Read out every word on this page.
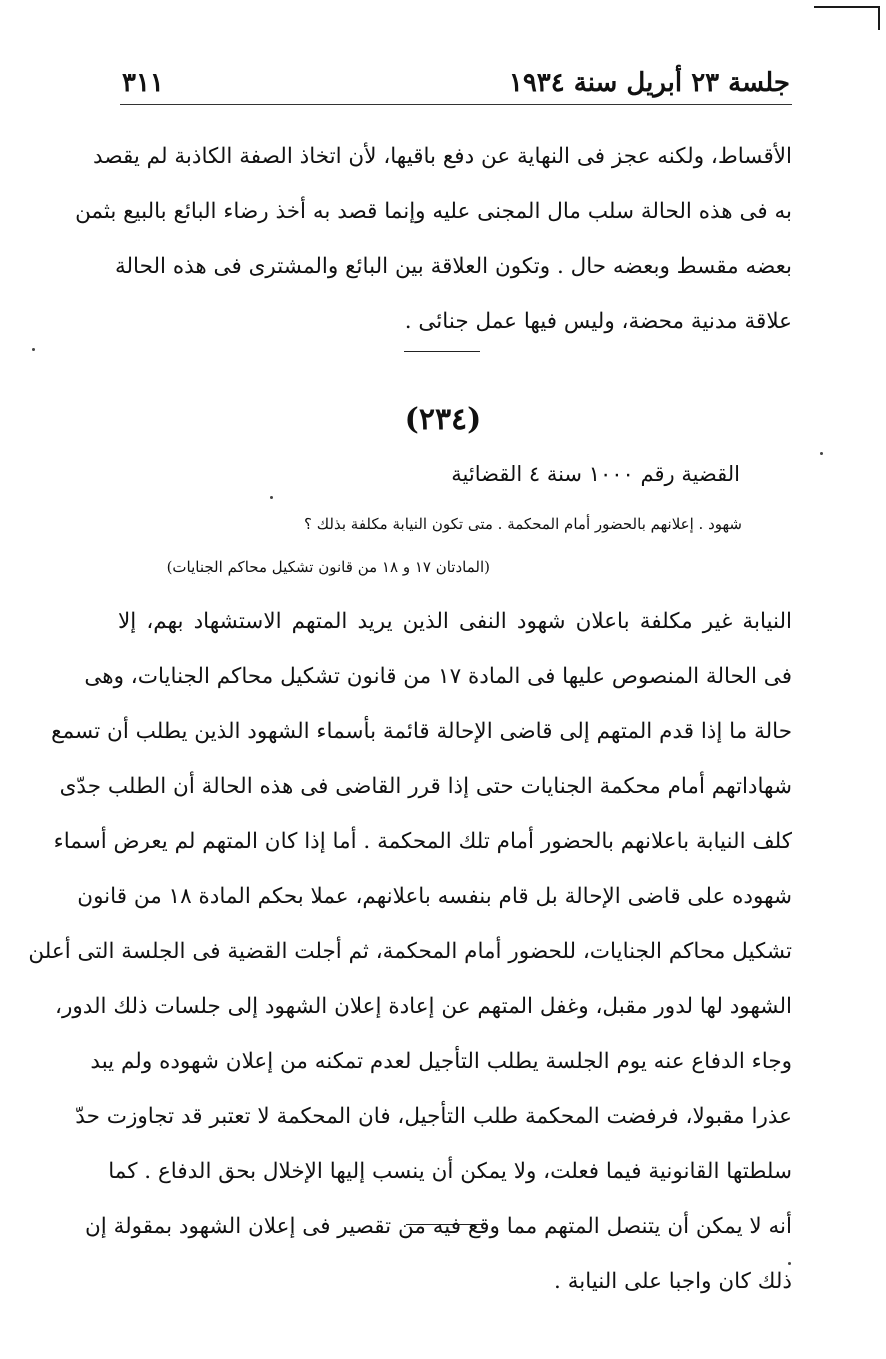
جلسة ٢٣ أبريل سنة ١٩٣٤
٣١١
الأقساط، ولكنه عجز فى النهاية عن دفع باقيها، لأن اتخاذ الصفة الكاذبة لم يقصد
به فى هذه الحالة سلب مال المجنى عليه وإنما قصد به أخذ رضاء البائع بالبيع بثمن
بعضه مقسط وبعضه حال . وتكون العلاقة بين البائع والمشترى فى هذه الحالة
علاقة مدنية محضة، وليس فيها عمل جنائى .
(٢٣٤)
القضية رقم ١٠٠٠ سنة ٤ القضائية
شهود . إعلانهم بالحضور أمام المحكمة . متى تكون النيابة مكلفة بذلك ؟
(المادتان ١٧ و ١٨ من قانون تشكيل محاكم الجنايات)
النيابة غير مكلفة باعلان شهود النفى الذين يريد المتهم الاستشهاد بهم، إلا
فى الحالة المنصوص عليها فى المادة ١٧ من قانون تشكيل محاكم الجنايات، وهى
حالة ما إذا قدم المتهم إلى قاضى الإحالة قائمة بأسماء الشهود الذين يطلب أن تسمع
شهاداتهم أمام محكمة الجنايات حتى إذا قرر القاضى فى هذه الحالة أن الطلب جدّى
كلف النيابة باعلانهم بالحضور أمام تلك المحكمة . أما إذا كان المتهم لم يعرض أسماء
شهوده على قاضى الإحالة بل قام بنفسه باعلانهم، عملا بحكم المادة ١٨ من قانون
تشكيل محاكم الجنايات، للحضور أمام المحكمة، ثم أجلت القضية فى الجلسة التى أعلن
الشهود لها لدور مقبل، وغفل المتهم عن إعادة إعلان الشهود إلى جلسات ذلك الدور،
وجاء الدفاع عنه يوم الجلسة يطلب التأجيل لعدم تمكنه من إعلان شهوده ولم يبد
عذرا مقبولا، فرفضت المحكمة طلب التأجيل، فان المحكمة لا تعتبر قد تجاوزت حدّ
سلطتها القانونية فيما فعلت، ولا يمكن أن ينسب إليها الإخلال بحق الدفاع . كما
أنه لا يمكن أن يتنصل المتهم مما وقع فيه من تقصير فى إعلان الشهود بمقولة إن
ذلك كان واجبا على النيابة .
